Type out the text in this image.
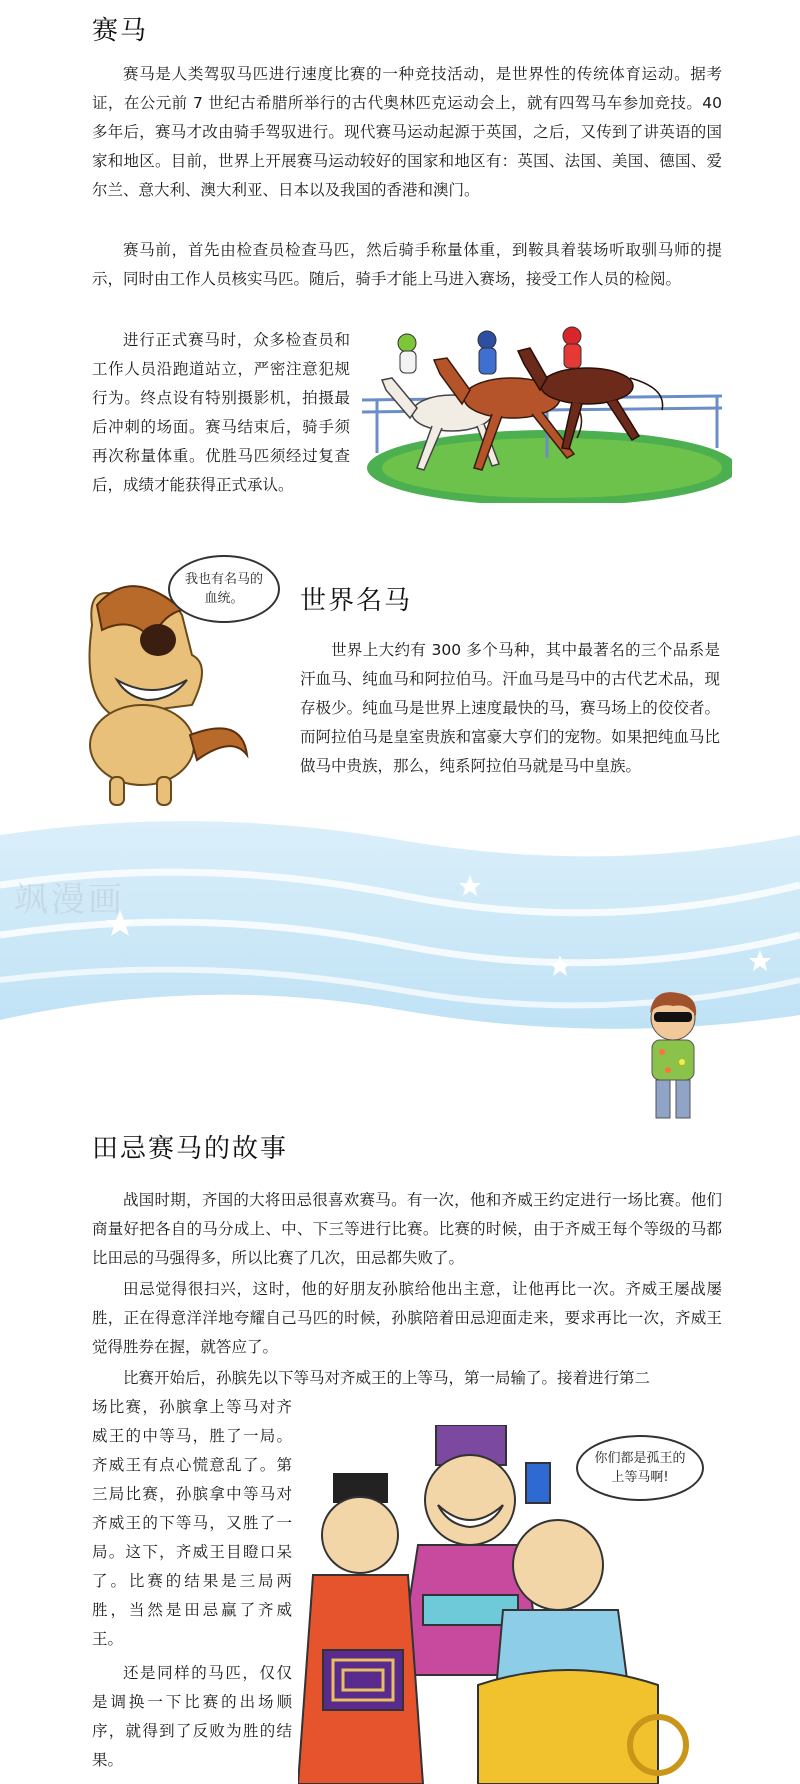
赛马

赛马是人类驾驭马匹进行速度比赛的一种竞技活动，是世界性的传统体育运动。据考证，在公元前 7 世纪古希腊所举行的古代奥林匹克运动会上，就有四驾马车参加竞技。40 多年后，赛马才改由骑手驾驭进行。现代赛马运动起源于英国，之后，又传到了讲英语的国家和地区。目前，世界上开展赛马运动较好的国家和地区有：英国、法国、美国、德国、爱尔兰、意大利、澳大利亚、日本以及我国的香港和澳门。

赛马前，首先由检查员检查马匹，然后骑手称量体重，到鞍具着装场听取驯马师的提示，同时由工作人员核实马匹。随后，骑手才能上马进入赛场，接受工作人员的检阅。

进行正式赛马时，众多检查员和工作人员沿跑道站立，严密注意犯规行为。终点设有特别摄影机，拍摄最后冲刺的场面。赛马结束后，骑手须再次称量体重。优胜马匹须经过复查后，成绩才能获得正式承认。

我也有名马的血统。	世界名马

世界上大约有 300 多个马种，其中最著名的三个品系是汗血马、纯血马和阿拉伯马。汗血马是马中的古代艺术品，现存极少。纯血马是世界上速度最快的马，赛马场上的佼佼者。而阿拉伯马是皇室贵族和富豪大亨们的宠物。如果把纯血马比做马中贵族，那么，纯系阿拉伯马就是马中皇族。

飒漫画
田忌赛马的故事

战国时期，齐国的大将田忌很喜欢赛马。有一次，他和齐威王约定进行一场比赛。他们商量好把各自的马分成上、中、下三等进行比赛。比赛的时候，由于齐威王每个等级的马都比田忌的马强得多，所以比赛了几次，田忌都失败了。

田忌觉得很扫兴，这时，他的好朋友孙膑给他出主意，让他再比一次。齐威王屡战屡胜，正在得意洋洋地夸耀自己马匹的时候，孙膑陪着田忌迎面走来，要求再比一次，齐威王觉得胜券在握，就答应了。

比赛开始后，孙膑先以下等马对齐威王的上等马，第一局输了。接着进行第二

场比赛，孙膑拿上等马对齐威王的中等马，胜了一局。齐威王有点心慌意乱了。第三局比赛，孙膑拿中等马对齐威王的下等马，又胜了一局。这下，齐威王目瞪口呆了。比赛的结果是三局两胜，当然是田忌赢了齐威王。

还是同样的马匹，仅仅是调换一下比赛的出场顺序，就得到了反败为胜的结果。

你们都是孤王的上等马啊!
